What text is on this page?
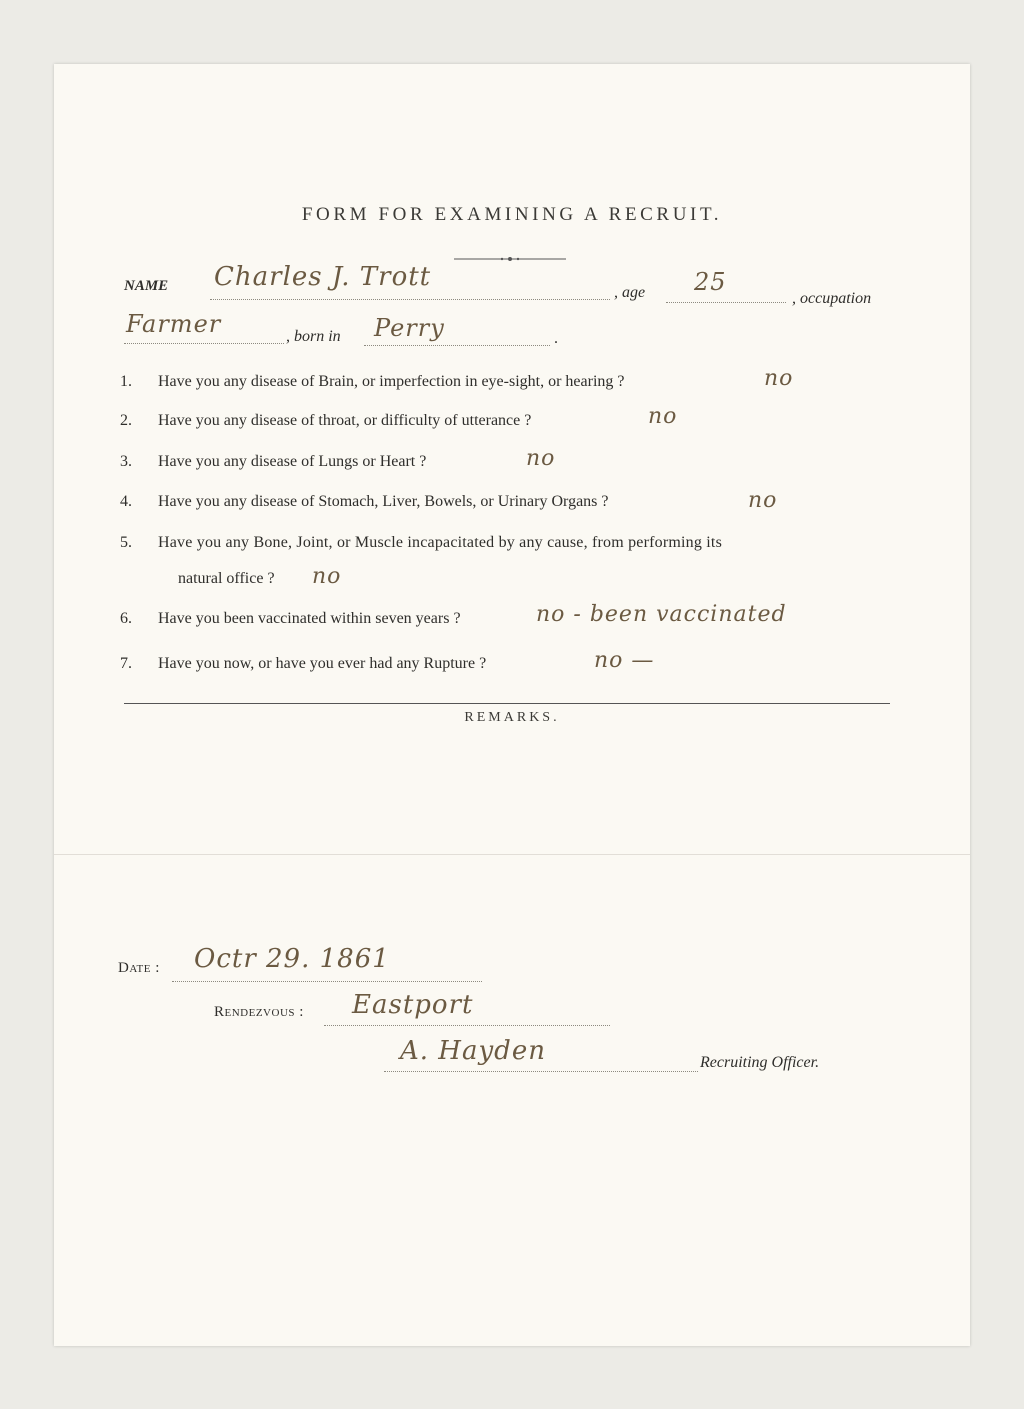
FORM FOR EXAMINING A RECRUIT.
NAME Charles J. Trott
, age 25
, occupation
Farmer	, born in Perry	.
1. Have you any disease of Brain, or imperfection in eye-sight, or hearing ?	no
2. Have you any disease of throat, or difficulty of utterance ?	no
3. Have you any disease of Lungs or Heart ?	no
4. Have you any disease of Stomach, Liver, Bowels, or Urinary Organs ?	no
5. Have you any Bone, Joint, or Muscle incapacitated by any cause, from performing its
natural office ? no
6. Have you been vaccinated within seven years ?	no - been vaccinated
7. Have you now, or have you ever had any Rupture ?	no —
REMARKS.
Date : Octr 29. 1861
Rendezvous : Eastport
A. Hayden	Recruiting Officer.
